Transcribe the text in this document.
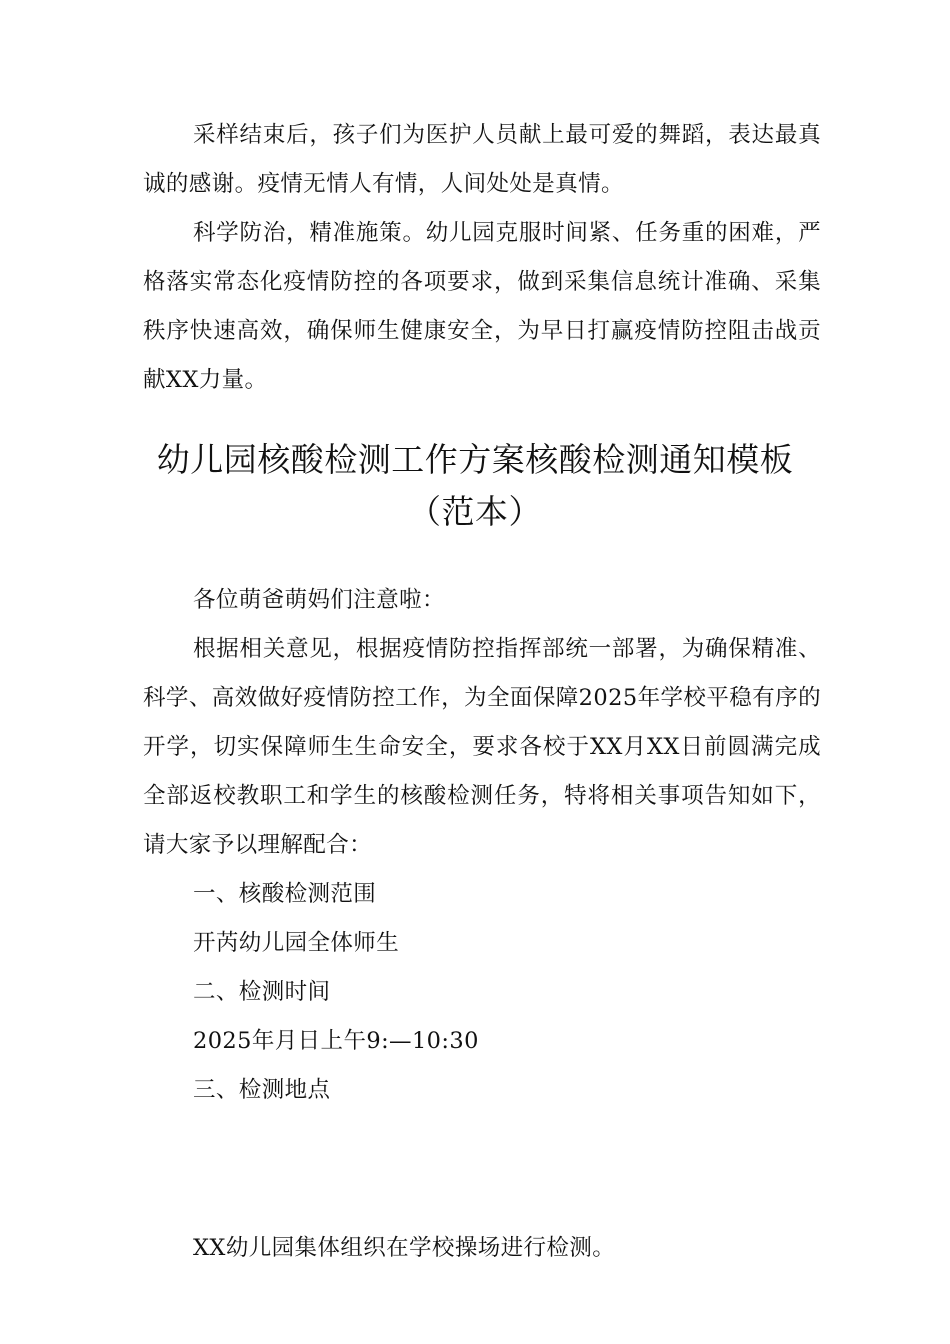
采样结束后，孩子们为医护人员献上最可爱的舞蹈，表达最真诚的感谢。疫情无情人有情，人间处处是真情。

科学防治，精准施策。幼儿园克服时间紧、任务重的困难，严格落实常态化疫情防控的各项要求，做到采集信息统计准确、采集秩序快速高效，确保师生健康安全，为早日打赢疫情防控阻击战贡献XX力量。

幼儿园核酸检测工作方案核酸检测通知模板
（范本）

各位萌爸萌妈们注意啦：

根据相关意见，根据疫情防控指挥部统一部署，为确保精准、科学、高效做好疫情防控工作，为全面保障2025年学校平稳有序的开学，切实保障师生生命安全，要求各校于XX月XX日前圆满完成全部返校教职工和学生的核酸检测任务，特将相关事项告知如下，请大家予以理解配合：

一、核酸检测范围

开芮幼儿园全体师生

二、检测时间

2025年月日上午9:—10:30

三、检测地点

XX幼儿园集体组织在学校操场进行检测。
